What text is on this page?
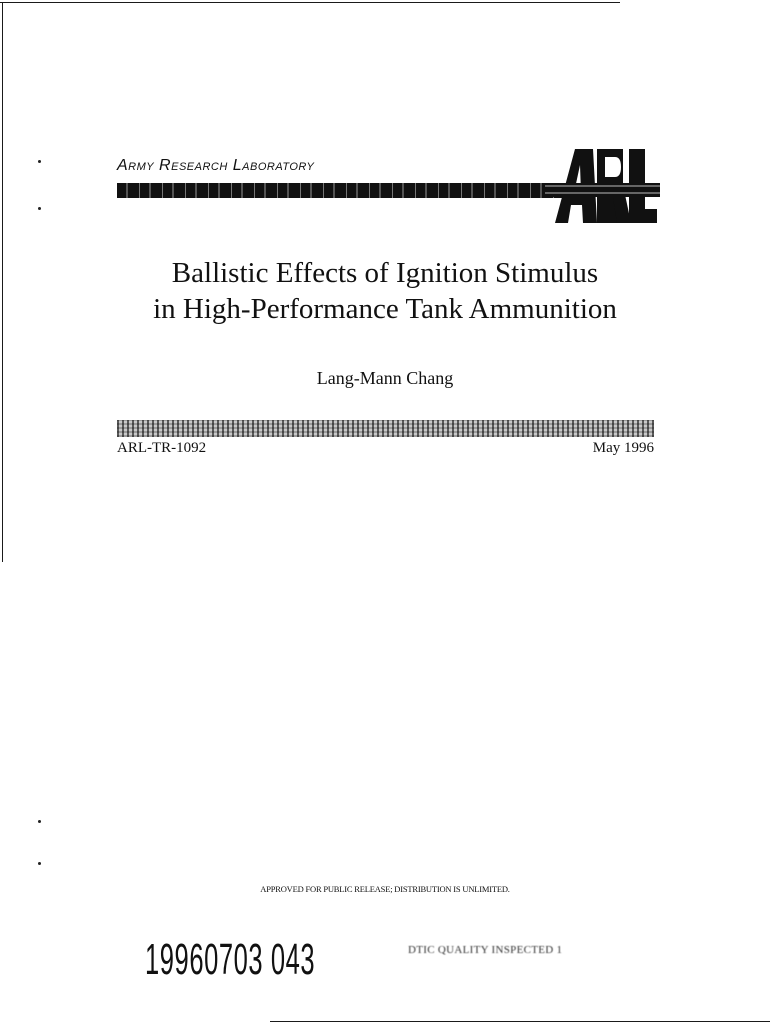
Army Research Laboratory
Ballistic Effects of Ignition Stimulus
in High-Performance Tank Ammunition
Lang-Mann Chang
ARL-TR-1092	May 1996
APPROVED FOR PUBLIC RELEASE; DISTRIBUTION IS UNLIMITED.
19960703 043	DTIC QUALITY INSPECTED 1
